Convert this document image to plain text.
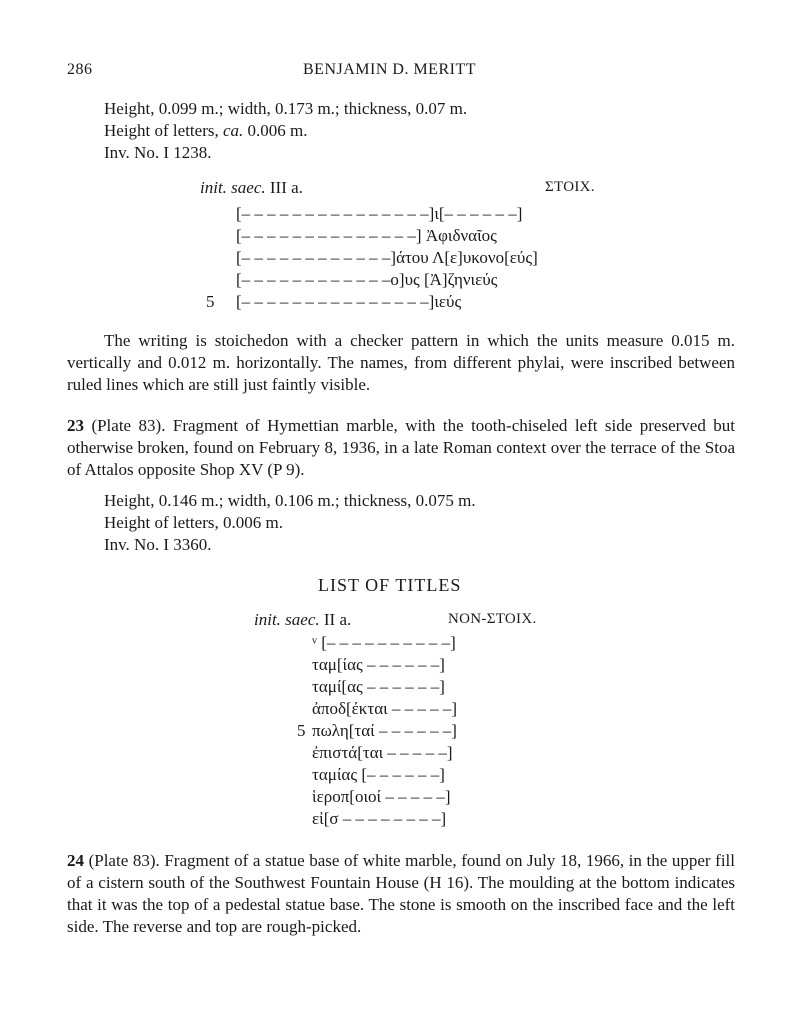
286	BENJAMIN D. MERITT
Height, 0.099 m.; width, 0.173 m.; thickness, 0.07 m.
Height of letters, ca. 0.006 m.
Inv. No. I 1238.
init. saec. III a.	ΣTOIX.
[– – – – – – – – – – – – – – –]ι[– – – – – –]
[– – – – – – – – – – – – – –] Ἀφιδναῖος
[– – – – – – – – – – – –]άτου Λ[ε]υκονο[εύς]
[– – – – – – – – – – – –ο]υς [Ἀ]ζηνιεύς
5 [– – – – – – – – – – – – – – –]ιεύς
The writing is stoichedon with a checker pattern in which the units measure 0.015 m. vertically and 0.012 m. horizontally. The names, from different phylai, were inscribed between ruled lines which are still just faintly visible.
23 (Plate 83). Fragment of Hymettian marble, with the tooth-chiseled left side preserved but otherwise broken, found on February 8, 1936, in a late Roman context over the terrace of the Stoa of Attalos opposite Shop XV (P 9).
Height, 0.146 m.; width, 0.106 m.; thickness, 0.075 m.
Height of letters, 0.006 m.
Inv. No. I 3360.
LIST OF TITLES
init. saec. II a.	NON-ΣTOIX.
ᵛ [– – – – – – – – – –]
ταμ[ίας – – – – – –]
ταμί[ας – – – – – –]
ἀποδ[έκται – – – – –]
5 πωλη[ταί – – – – – –]
ἐπιστά[ται – – – – –]
ταμίας [– – – – – –]
ἱεροπ[οιοί – – – – –]
εἰ[σ – – – – – – – –]
24 (Plate 83). Fragment of a statue base of white marble, found on July 18, 1966, in the upper fill of a cistern south of the Southwest Fountain House (H 16). The moulding at the bottom indicates that it was the top of a pedestal statue base. The stone is smooth on the inscribed face and the left side. The reverse and top are rough-picked.
